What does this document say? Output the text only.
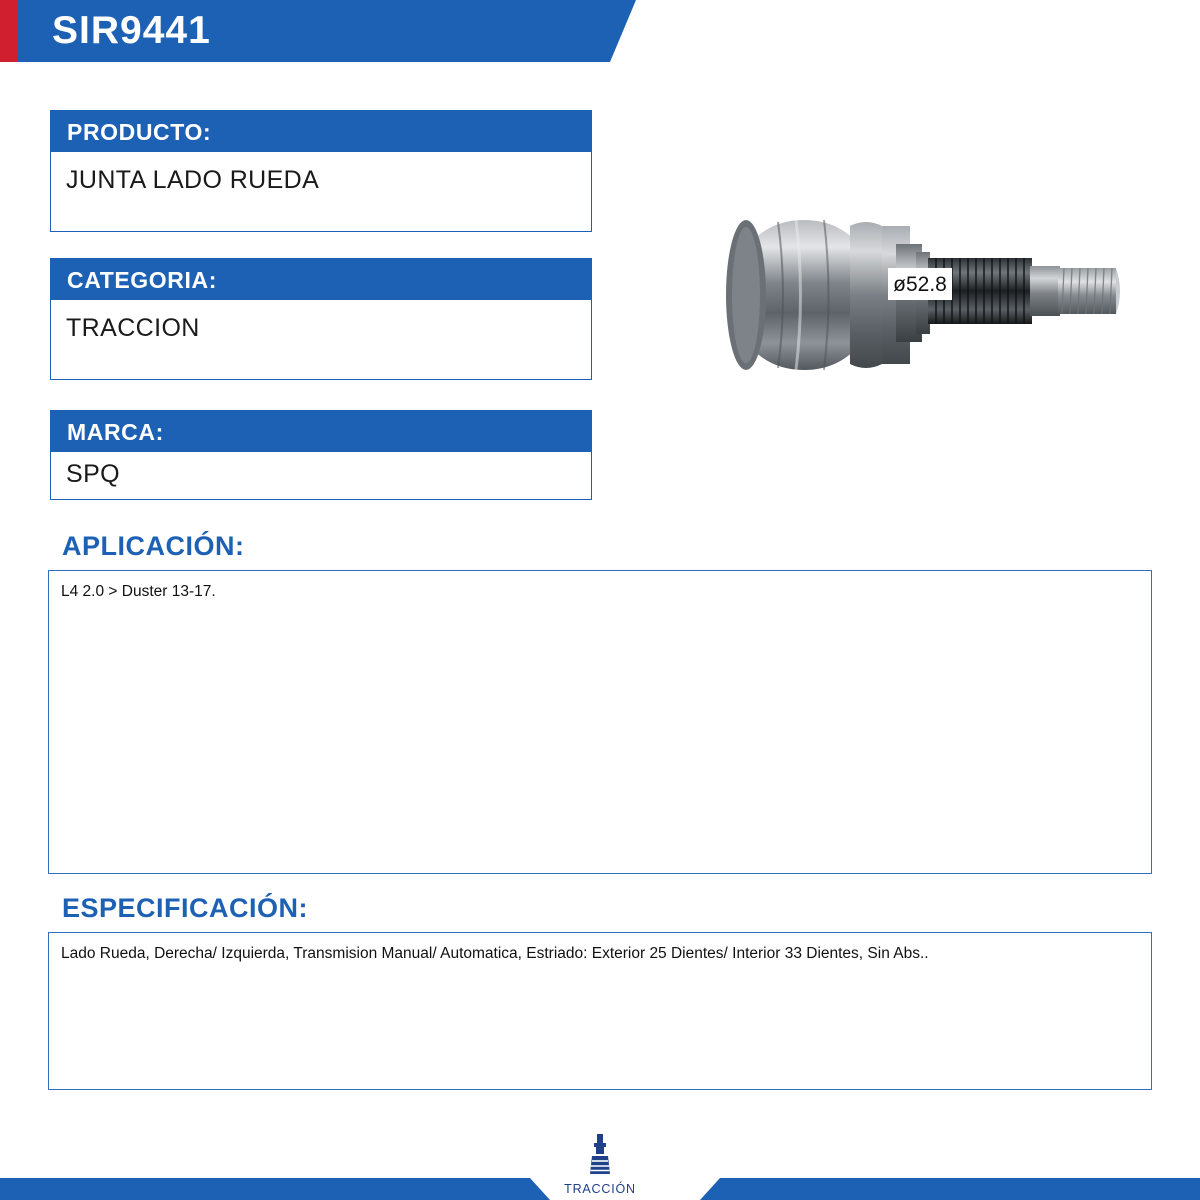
SIR9441
PRODUCTO:
JUNTA LADO RUEDA
CATEGORIA:
TRACCION
MARCA:
SPQ
ø52.8
APLICACIÓN:
L4 2.0 > Duster 13-17.
ESPECIFICACIÓN:
Lado Rueda, Derecha/ Izquierda, Transmision Manual/ Automatica, Estriado: Exterior 25 Dientes/ Interior 33 Dientes, Sin Abs..
TRACCIÓN
